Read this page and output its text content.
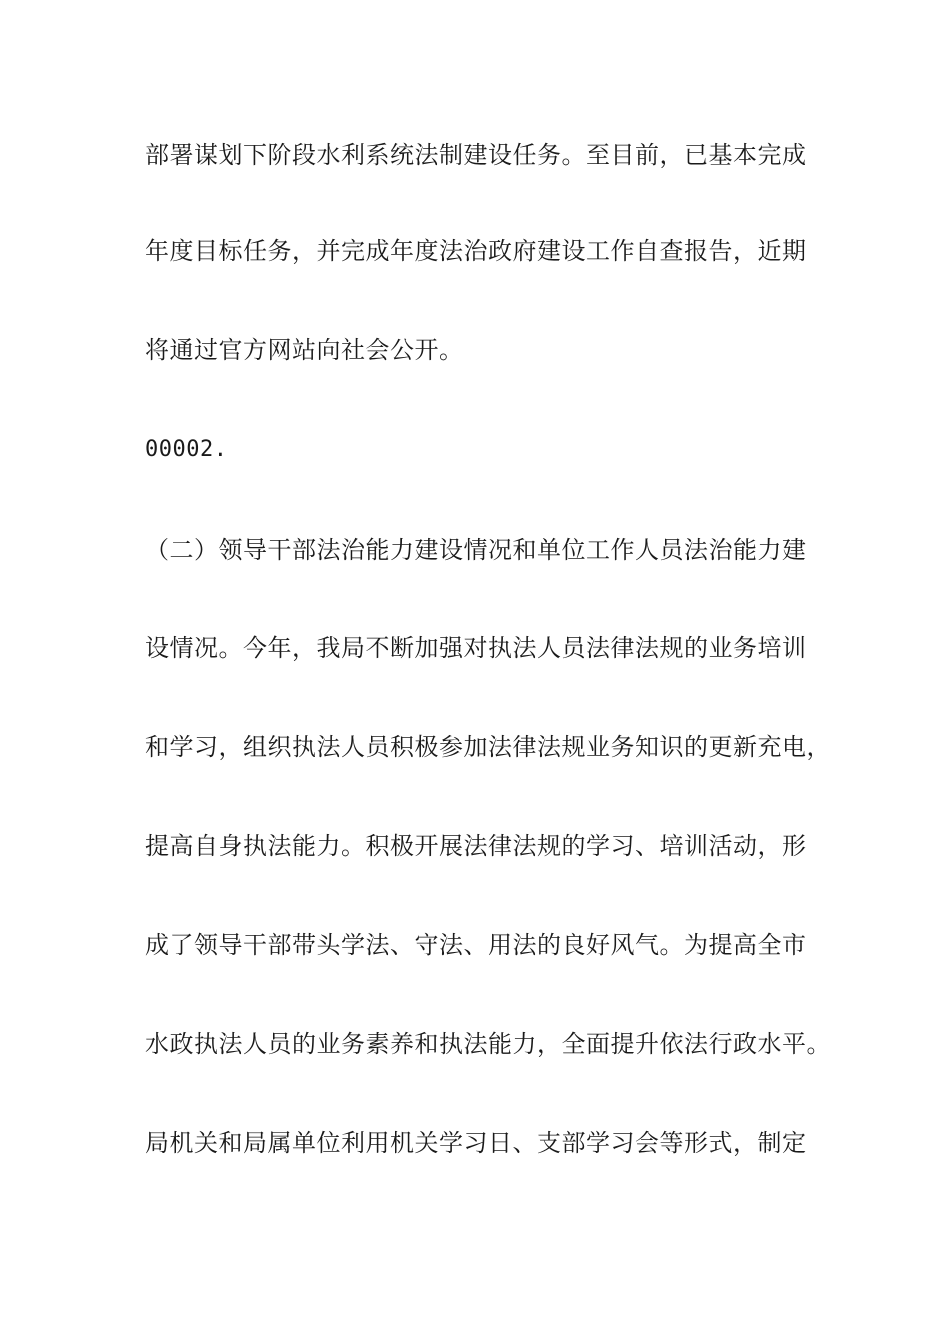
部署谋划下阶段水利系统法制建设任务。至目前，已基本完成
年度目标任务，并完成年度法治政府建设工作自查报告，近期
将通过官方网站向社会公开。
00002.
（二）领导干部法治能力建设情况和单位工作人员法治能力建
设情况。今年，我局不断加强对执法人员法律法规的业务培训
和学习，组织执法人员积极参加法律法规业务知识的更新充电，
提高自身执法能力。积极开展法律法规的学习、培训活动，形
成了领导干部带头学法、守法、用法的良好风气。为提高全市
水政执法人员的业务素养和执法能力，全面提升依法行政水平。
局机关和局属单位利用机关学习日、支部学习会等形式，制定
